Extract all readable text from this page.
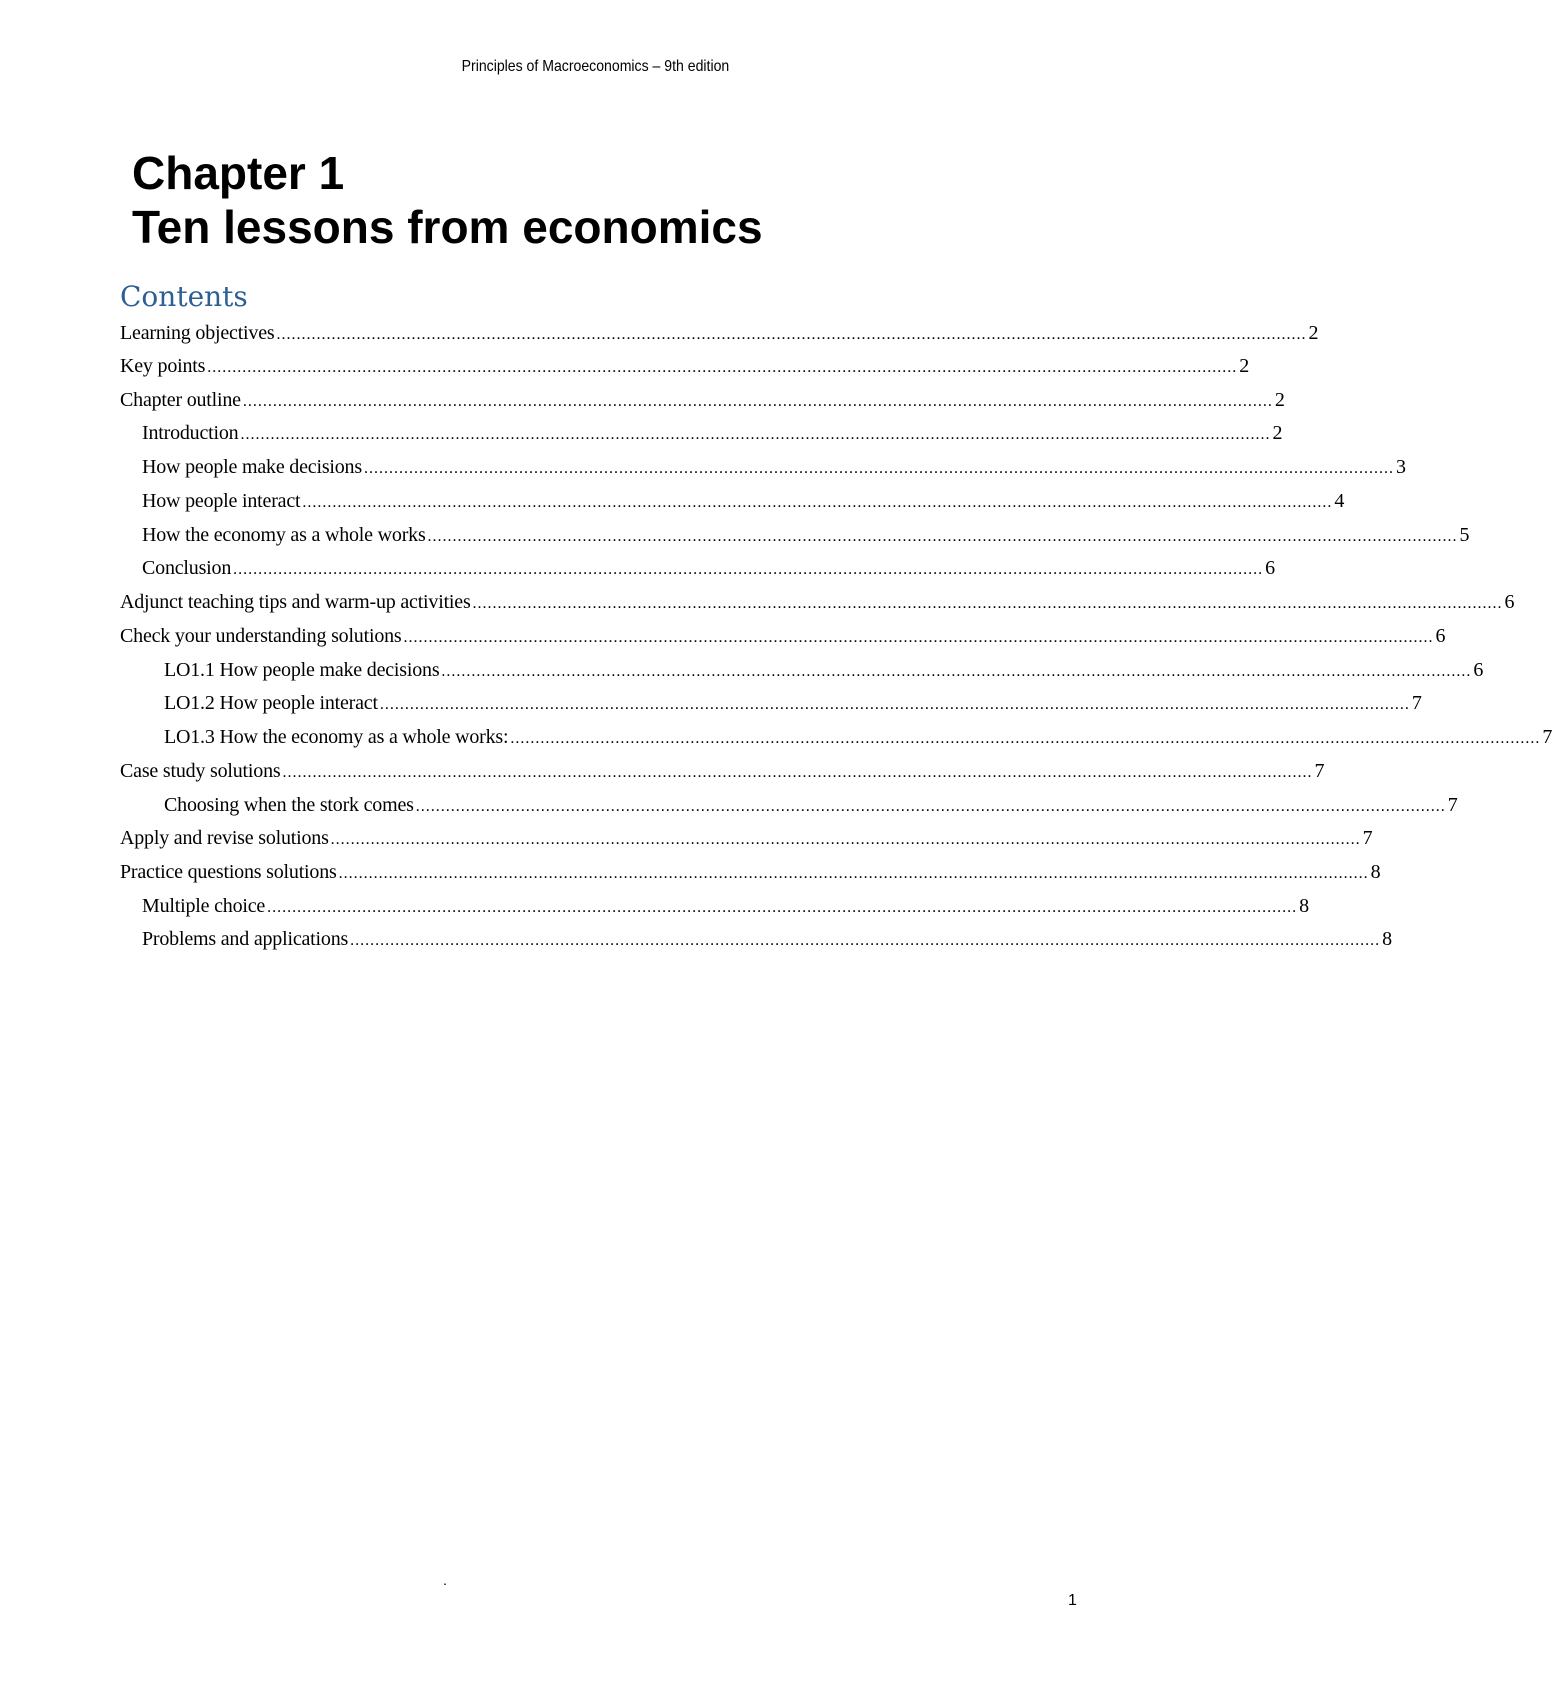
Principles of Macroeconomics – 9th edition
Chapter 1
Ten lessons from economics
Contents
Learning objectives .............................................................................................................................................................................................................. 2
Key points .............................................................................................................................................................................................................. 2
Chapter outline .............................................................................................................................................................................................................. 2
Introduction .............................................................................................................................................................................................................. 2
How people make decisions .............................................................................................................................................................................................................. 3
How people interact .............................................................................................................................................................................................................. 4
How the economy as a whole works .............................................................................................................................................................................................................. 5
Conclusion .............................................................................................................................................................................................................. 6
Adjunct teaching tips and warm-up activities .............................................................................................................................................................................................................. 6
Check your understanding solutions .............................................................................................................................................................................................................. 6
LO1.1 How people make decisions .............................................................................................................................................................................................................. 6
LO1.2 How people interact .............................................................................................................................................................................................................. 7
LO1.3 How the economy as a whole works: .............................................................................................................................................................................................................. 7
Case study solutions .............................................................................................................................................................................................................. 7
Choosing when the stork comes .............................................................................................................................................................................................................. 7
Apply and revise solutions .............................................................................................................................................................................................................. 7
Practice questions solutions .............................................................................................................................................................................................................. 8
Multiple choice .............................................................................................................................................................................................................. 8
Problems and applications .............................................................................................................................................................................................................. 8
.
1
